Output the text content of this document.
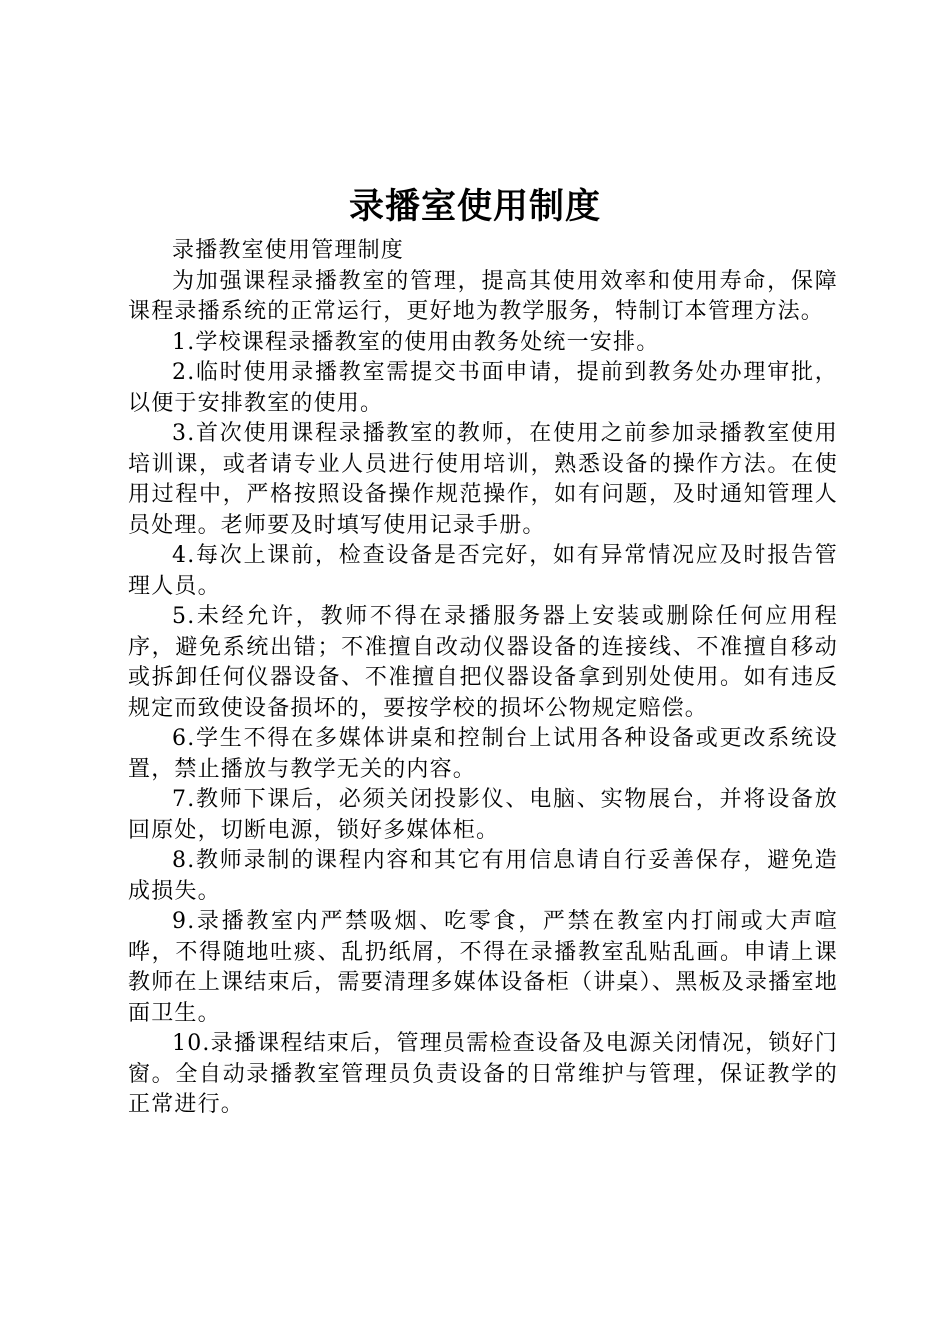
录播室使用制度

录播教室使用管理制度

为加强课程录播教室的管理，提高其使用效率和使用寿命，保障课程录播系统的正常运行，更好地为教学服务，特制订本管理方法。

1.学校课程录播教室的使用由教务处统一安排。

2.临时使用录播教室需提交书面申请，提前到教务处办理审批，以便于安排教室的使用。

3.首次使用课程录播教室的教师，在使用之前参加录播教室使用培训课，或者请专业人员进行使用培训，熟悉设备的操作方法。在使用过程中，严格按照设备操作规范操作，如有问题，及时通知管理人员处理。老师要及时填写使用记录手册。

4.每次上课前，检查设备是否完好，如有异常情况应及时报告管理人员。

5.未经允许，教师不得在录播服务器上安装或删除任何应用程序，避免系统出错；不准擅自改动仪器设备的连接线、不准擅自移动或拆卸任何仪器设备、不准擅自把仪器设备拿到别处使用。如有违反规定而致使设备损坏的，要按学校的损坏公物规定赔偿。

6.学生不得在多媒体讲桌和控制台上试用各种设备或更改系统设置，禁止播放与教学无关的内容。

7.教师下课后，必须关闭投影仪、电脑、实物展台，并将设备放回原处，切断电源，锁好多媒体柜。

8.教师录制的课程内容和其它有用信息请自行妥善保存，避免造成损失。

9.录播教室内严禁吸烟、吃零食，严禁在教室内打闹或大声喧哗，不得随地吐痰、乱扔纸屑，不得在录播教室乱贴乱画。申请上课教师在上课结束后，需要清理多媒体设备柜（讲桌）、黑板及录播室地面卫生。

10.录播课程结束后，管理员需检查设备及电源关闭情况，锁好门窗。全自动录播教室管理员负责设备的日常维护与管理，保证教学的正常进行。
